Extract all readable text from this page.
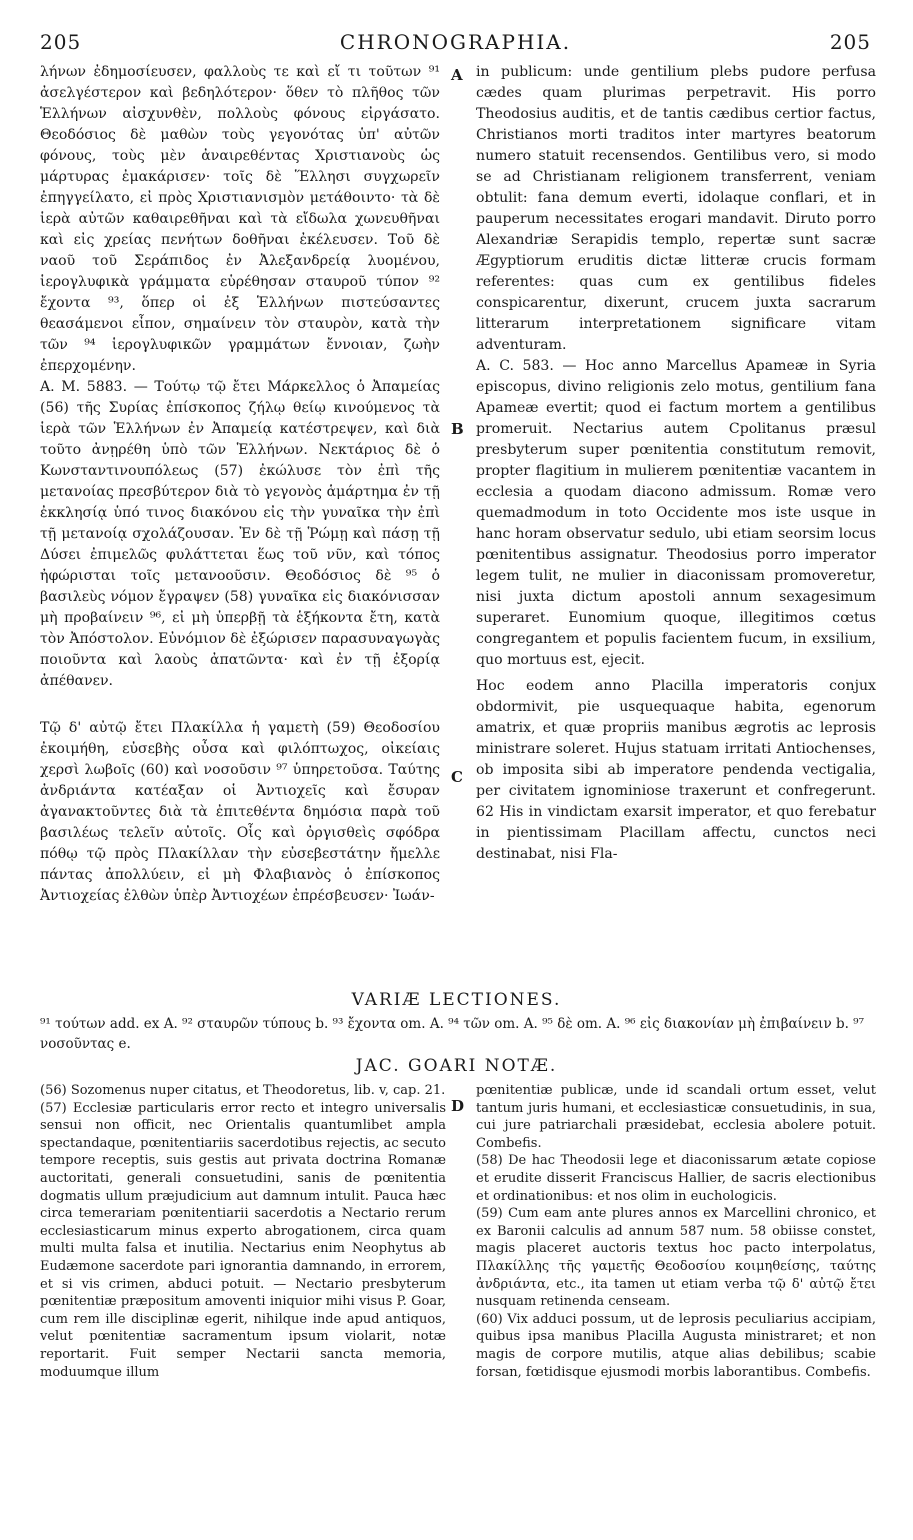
205	CHRONOGRAPHIA.	205

λήνων ἐδημοσίευσεν, φαλλοὺς τε καὶ εἴ τι τοῦτων ⁹¹ ἀσελγέστερον καὶ βεδηλότερον· ὅθεν τὸ πλῆθος τῶν Ἑλλήνων αἰσχυνθὲν, πολλοὺς φόνους εἰργάσατο. Θεοδόσιος δὲ μαθὼν τοὺς γεγονότας ὑπ' αὐτῶν φόνους, τοὺς μὲν ἀναιρεθέντας Χριστιανοὺς ὡς μάρτυρας ἐμακάρισεν· τοῖς δὲ Ἕλλησι συγχωρεῖν ἐπηγγείλατο, εἰ πρὸς Χριστιανισμὸν μετάθοιντο· τὰ δὲ ἱερὰ αὐτῶν καθαιρεθῆναι καὶ τὰ εἴδωλα χωνευθῆναι καὶ εἰς χρείας πενήτων δοθῆναι ἐκέλευσεν. Τοῦ δὲ ναοῦ τοῦ Σεράπιδος ἐν Ἀλεξανδρείᾳ λυομένου, ἱερογλυφικὰ γράμματα εὑρέθησαν σταυροῦ τύπον ⁹² ἔχοντα ⁹³, ὅπερ οἱ ἐξ Ἑλλήνων πιστεύσαντες θεασάμενοι εἶπον, σημαίνειν τὸν σταυρὸν, κατὰ τὴν τῶν ⁹⁴ ἱερογλυφικῶν γραμμάτων ἔννοιαν, ζωὴν ἐπερχομένην.

Α. Μ. 5883. — Τούτῳ τῷ ἔτει Μάρκελλος ὁ Ἀπαμείας (56) τῆς Συρίας ἐπίσκοπος ζήλῳ θείῳ κινούμενος τὰ ἱερὰ τῶν Ἑλλήνων ἐν Ἀπαμείᾳ κατέστρεψεν, καὶ διὰ τοῦτο ἀνῃρέθη ὑπὸ τῶν Ἑλλήνων. Νεκτάριος δὲ ὁ Κωνσταντινουπόλεως (57) ἐκώλυσε τὸν ἐπὶ τῆς μετανοίας πρεσβύτερον διὰ τὸ γεγονὸς ἁμάρτημα ἐν τῇ ἐκκλησίᾳ ὑπό τινος διακόνου εἰς τὴν γυναῖκα τὴν ἐπὶ τῇ μετανοίᾳ σχολάζουσαν. Ἐν δὲ τῇ Ῥώμῃ καὶ πάσῃ τῇ Δύσει ἐπιμελῶς φυλάττεται ἕως τοῦ νῦν, καὶ τόπος ἠφώρισται τοῖς μετανοοῦσιν. Θεοδόσιος δὲ ⁹⁵ ὁ βασιλεὺς νόμον ἔγραψεν (58) γυναῖκα εἰς διακόνισσαν μὴ προβαίνειν ⁹⁶, εἰ μὴ ὑπερβῇ τὰ ἑξήκοντα ἔτη, κατὰ τὸν Ἀπόστολον. Εὐνόμιον δὲ ἐξώρισεν παρασυναγωγὰς ποιοῦντα καὶ λαοὺς ἀπατῶντα· καὶ ἐν τῇ ἐξορίᾳ ἀπέθανεν.

Τῷ δ' αὐτῷ ἔτει Πλακίλλα ἡ γαμετὴ (59) Θεοδοσίου ἐκοιμήθη, εὐσεβὴς οὖσα καὶ φιλόπτωχος, οἰκείαις χερσὶ λωβοῖς (60) καὶ νοσοῦσιν ⁹⁷ ὑπηρετοῦσα. Ταύτης ἀνδριάντα κατέαξαν οἱ Ἀντιοχεῖς καὶ ἔσυραν ἀγανακτοῦντες διὰ τὰ ἐπιτεθέντα δημόσια παρὰ τοῦ βασιλέως τελεῖν αὐτοῖς. Οἷς καὶ ὀργισθεὶς σφόδρα πόθῳ τῷ πρὸς Πλακίλλαν τὴν εὐσεβεστάτην ἤμελλε πάντας ἀπολλύειν, εἰ μὴ Φλαβιανὸς ὁ ἐπίσκοπος Ἀντιοχείας ἐλθὼν ὑπὲρ Ἀντιοχέων ἐπρέσβευσεν· Ἰωάν-

A
B
C

in publicum: unde gentilium plebs pudore perfusa cædes quam plurimas perpetravit. His porro Theodosius auditis, et de tantis cædibus certior factus, Christianos morti traditos inter martyres beatorum numero statuit recensendos. Gentilibus vero, si modo se ad Christianam religionem transferrent, veniam obtulit: fana demum everti, idolaque conflari, et in pauperum necessitates erogari mandavit. Diruto porro Alexandriæ Serapidis templo, repertæ sunt sacræ Ægyptiorum eruditis dictæ litteræ crucis formam referentes: quas cum ex gentilibus fideles conspicarentur, dixerunt, crucem juxta sacrarum litterarum interpretationem significare vitam adventuram.

A. C. 583. — Hoc anno Marcellus Apameæ in Syria episcopus, divino religionis zelo motus, gentilium fana Apameæ evertit; quod ei factum mortem a gentilibus promeruit. Nectarius autem Cpolitanus præsul presbyterum super pœnitentia constitutum removit, propter flagitium in mulierem pœnitentiæ vacantem in ecclesia a quodam diacono admissum. Romæ vero quemadmodum in toto Occidente mos iste usque in hanc horam observatur sedulo, ubi etiam seorsim locus pœnitentibus assignatur. Theodosius porro imperator legem tulit, ne mulier in diaconissam promoveretur, nisi juxta dictum apostoli annum sexagesimum superaret. Eunomium quoque, illegitimos cœtus congregantem et populis facientem fucum, in exsilium, quo mortuus est, ejecit.

Hoc eodem anno Placilla imperatoris conjux obdormivit, pie usquequaque habita, egenorum amatrix, et quæ propriis manibus ægrotis ac leprosis ministrare soleret. Hujus statuam irritati Antiochenses, ob imposita sibi ab imperatore pendenda vectigalia, per civitatem ignominiose traxerunt et confregerunt. 62 His in vindictam exarsit imperator, et quo ferebatur in pientissimam Placillam affectu, cunctos neci destinabat, nisi Fla-

VARIÆ LECTIONES.

⁹¹ τούτων add. ex A. ⁹² σταυρῶν τύπους b. ⁹³ ἔχοντα om. A. ⁹⁴ τῶν om. A. ⁹⁵ δὲ om. A. ⁹⁶ εἰς διακονίαν μὴ ἐπιβαίνειν b. ⁹⁷ νοσοῦντας e.

JAC. GOARI NOTÆ.
D

(56) Sozomenus nuper citatus, et Theodoretus, lib. v, cap. 21.

(57) Ecclesiæ particularis error recto et integro universalis sensui non officit, nec Orientalis quantumlibet ampla spectandaque, pœnitentiariis sacerdotibus rejectis, ac secuto tempore receptis, suis gestis aut privata doctrina Romanæ auctoritati, generali consuetudini, sanis de pœnitentia dogmatis ullum præjudicium aut damnum intulit. Pauca hæc circa temerariam pœnitentiarii sacerdotis a Nectario rerum ecclesiasticarum minus experto abrogationem, circa quam multi multa falsa et inutilia. Nectarius enim Neophytus ab Eudæmone sacerdote pari ignorantia damnando, in errorem, et si vis crimen, abduci potuit. — Nectario presbyterum pœnitentiæ præpositum amoventi iniquior mihi visus P. Goar, cum rem ille disciplinæ egerit, nihilque inde apud antiquos, velut pœnitentiæ sacramentum ipsum violarit, notæ reportarit. Fuit semper Nectarii sancta memoria, moduumque illum

pœnitentiæ publicæ, unde id scandali ortum esset, velut tantum juris humani, et ecclesiasticæ consuetudinis, in sua, cui jure patriarchali præsidebat, ecclesia abolere potuit. Combefis.

(58) De hac Theodosii lege et diaconissarum ætate copiose et erudite disserit Franciscus Hallier, de sacris electionibus et ordinationibus: et nos olim in euchologicis.

(59) Cum eam ante plures annos ex Marcellini chronico, et ex Baronii calculis ad annum 587 num. 58 obiisse constet, magis placeret auctoris textus hoc pacto interpolatus, Πλακίλλης τῆς γαμετῆς Θεοδοσίου κοιμηθείσης, ταύτης ἀνδριάντα, etc., ita tamen ut etiam verba τῷ δ' αὐτῷ ἔτει nusquam retinenda censeam.

(60) Vix adduci possum, ut de leprosis peculiarius accipiam, quibus ipsa manibus Placilla Augusta ministraret; et non magis de corpore mutilis, atque alias debilibus; scabie forsan, fœtidisque ejusmodi morbis laborantibus. Combefis.
